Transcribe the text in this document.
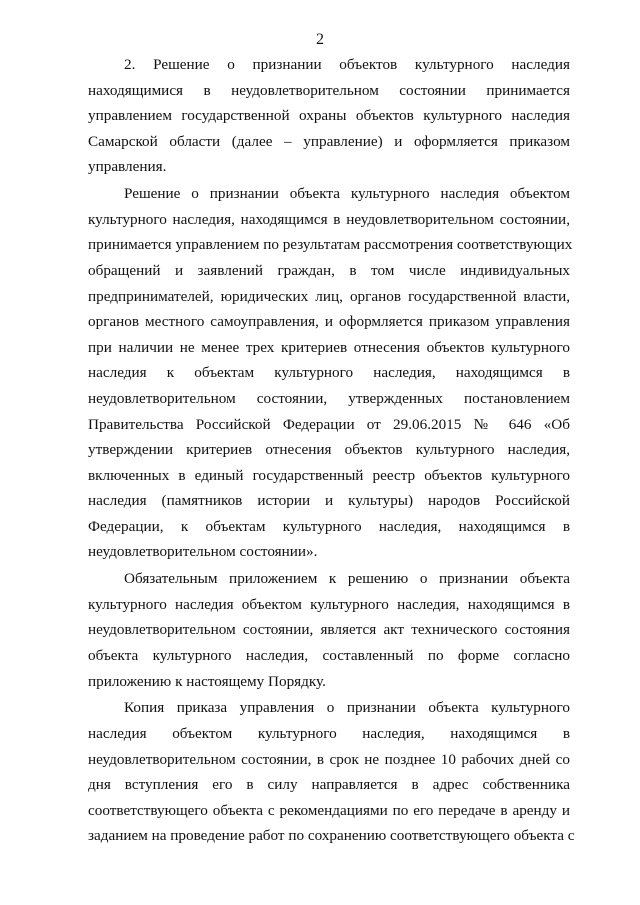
2

2. Решение о признании объектов культурного наследия
находящимися в неудовлетворительном состоянии принимается
управлением государственной охраны объектов культурного наследия
Самарской области (далее – управление) и оформляется приказом
управления.

Решение о признании объекта культурного наследия объектом
культурного наследия, находящимся в неудовлетворительном состоянии,
принимается управлением по результатам рассмотрения соответствующих
обращений и заявлений граждан, в том числе индивидуальных
предпринимателей, юридических лиц, органов государственной власти,
органов местного самоуправления, и оформляется приказом управления
при наличии не менее трех критериев отнесения объектов культурного
наследия к объектам культурного наследия, находящимся в
неудовлетворительном состоянии, утвержденных постановлением
Правительства Российской Федерации от 29.06.2015 № 646 «Об
утверждении критериев отнесения объектов культурного наследия,
включенных в единый государственный реестр объектов культурного
наследия (памятников истории и культуры) народов Российской
Федерации, к объектам культурного наследия, находящимся в
неудовлетворительном состоянии».

Обязательным приложением к решению о признании объекта
культурного наследия объектом культурного наследия, находящимся в
неудовлетворительном состоянии, является акт технического состояния
объекта культурного наследия, составленный по форме согласно
приложению к настоящему Порядку.

Копия приказа управления о признании объекта культурного
наследия объектом культурного наследия, находящимся в
неудовлетворительном состоянии, в срок не позднее 10 рабочих дней со
дня вступления его в силу направляется в адрес собственника
соответствующего объекта с рекомендациями по его передаче в аренду и
заданием на проведение работ по сохранению соответствующего объекта с
